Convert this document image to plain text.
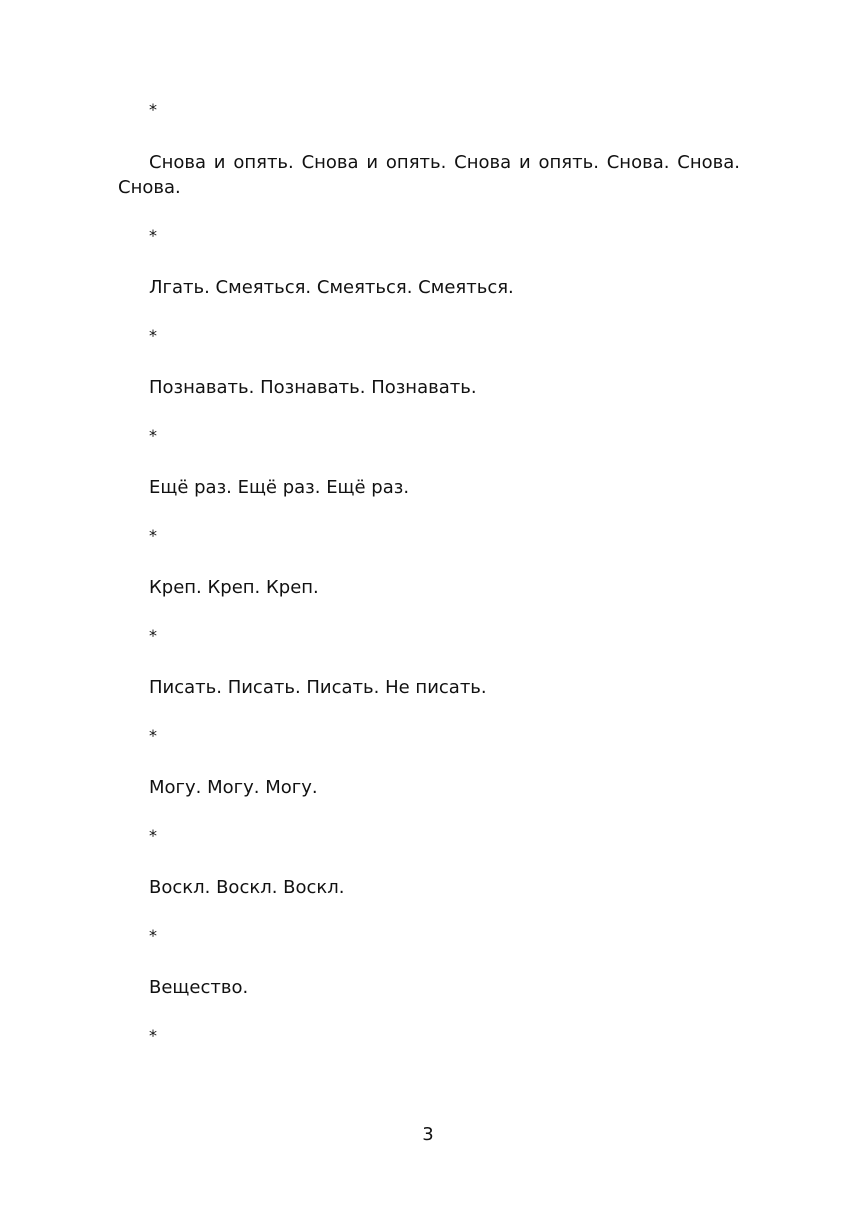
*

Снова и опять. Снова и опять. Снова и опять. Снова. Снова. Снова.

*

Лгать. Смеяться. Смеяться. Смеяться.

*

Познавать. Познавать. Познавать.

*

Ещё раз. Ещё раз. Ещё раз.

*

Креп. Креп. Креп.

*

Писать. Писать. Писать. Не писать.

*

Могу. Могу. Могу.

*

Воскл. Воскл. Воскл.

*

Вещество.

*

3
